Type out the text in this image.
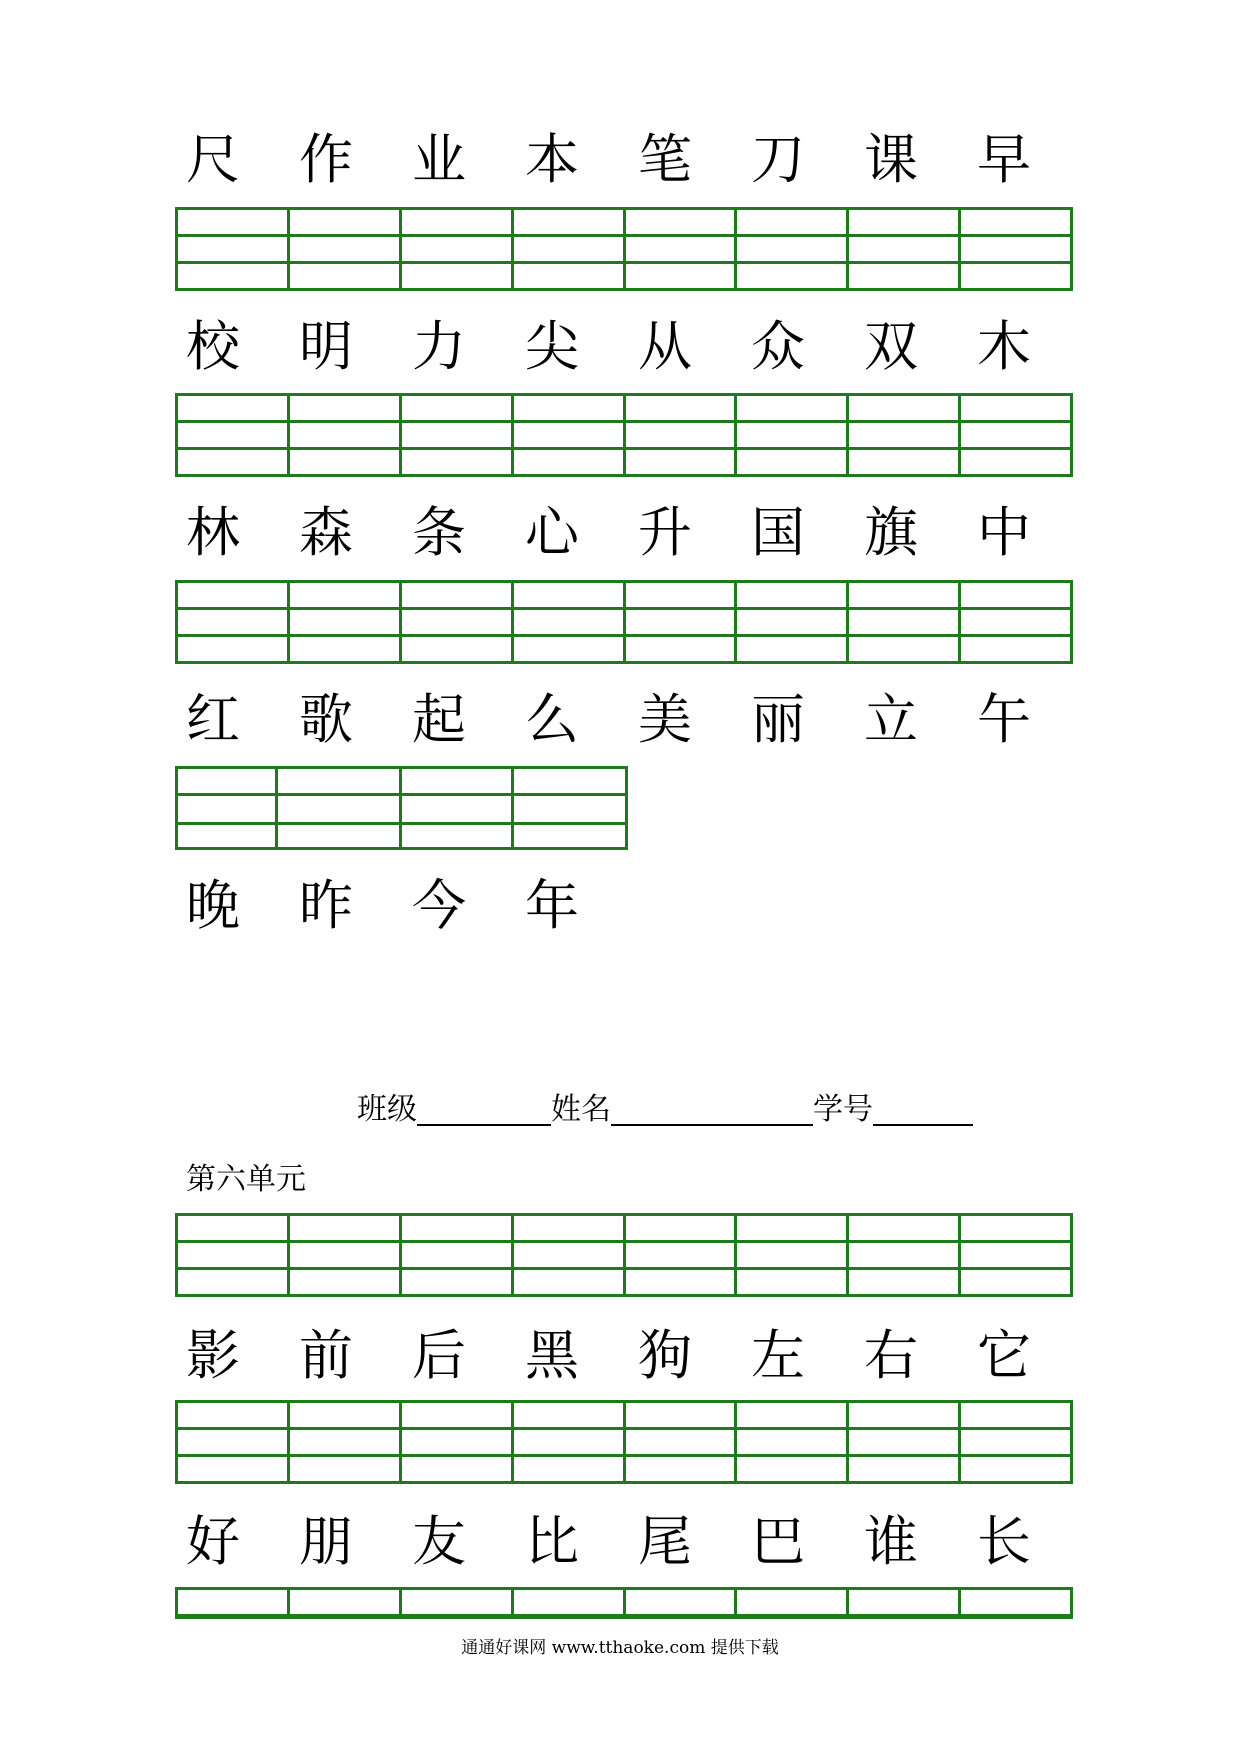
尺 作 业 本 笔 刀 课 早
校 明 力 尖 从 众 双 木
林 森 条 心 升 国 旗 中
红 歌 起 么 美 丽 立 午
晚 昨 今 年
班级	姓名	学号
第六单元
影 前 后 黑 狗 左 右 它
好 朋 友 比 尾 巴 谁 长
通通好课网 www.tthaoke.com 提供下载
